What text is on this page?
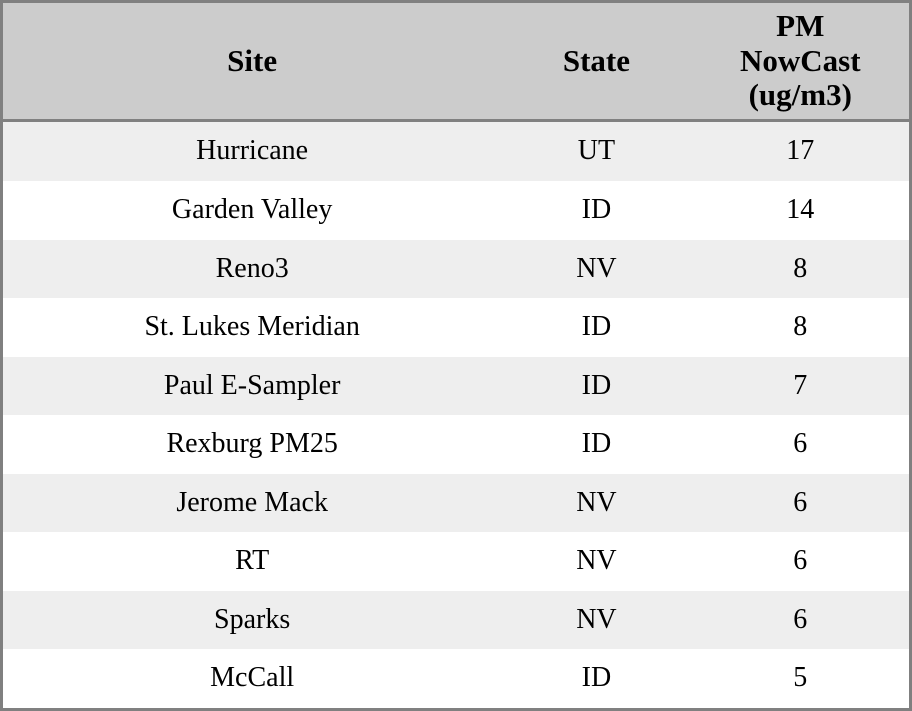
Site	State	PM
NowCast
(ug/m3)

Hurricane	UT	17
Garden Valley	ID	14
Reno3	NV	8
St. Lukes Meridian	ID	8
Paul E-Sampler	ID	7
Rexburg PM25	ID	6
Jerome Mack	NV	6
RT	NV	6
Sparks	NV	6
McCall	ID	5
